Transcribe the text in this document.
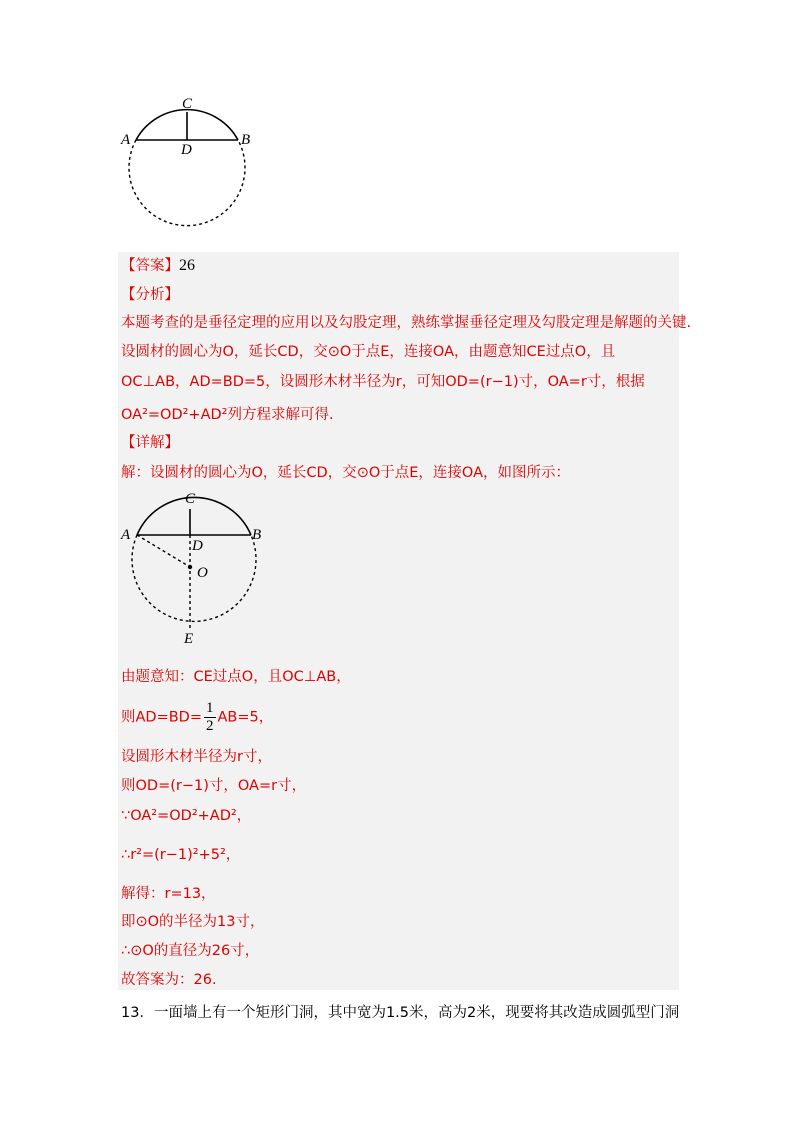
C
A	B
D
【答案】26
【分析】
本题考查的是垂径定理的应用以及勾股定理，熟练掌握垂径定理及勾股定理是解题的关键.
设圆材的圆心为O，延长CD，交⊙O于点E，连接OA，由题意知CE过点O，且
OC⊥AB，AD=BD=5，设圆形木材半径为r，可知OD=(r−1)寸，OA=r寸，根据
OA²=OD²+AD²列方程求解可得.
【详解】
解：设圆材的圆心为O，延长CD，交⊙O于点E，连接OA，如图所示：
C
A	B
D
O
E
由题意知：CE过点O，且OC⊥AB，
则$AD=BD= \frac{1}{2} AB=5$，
设圆形木材半径为r寸，
则OD=(r−1)寸，OA=r寸，
∵OA²=OD²+AD²，
∴r²=(r−1)²+5²，
解得：r=13，
即⊙O的半径为13寸，
∴⊙O的直径为26寸，
故答案为：26.
13．一面墙上有一个矩形门洞，其中宽为1.5米，高为2米，现要将其改造成圆弧型门洞
